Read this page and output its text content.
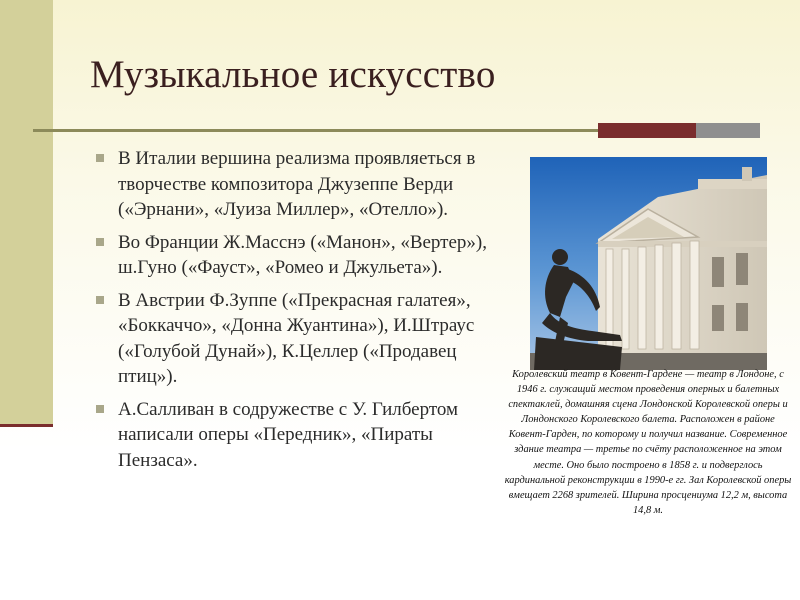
Музыкальное искусство
В Италии вершина реализма проявляеться в творчестве композитора Джузеппе Верди («Эрнани», «Луиза Миллер», «Отелло»).
Во Франции Ж.Масснэ («Манон», «Вертер»), ш.Гуно («Фауст», «Ромео и Джульета»).
В Австрии Ф.Зуппе («Прекрасная галатея», «Боккаччо», «Донна Жуантина»), И.Штраус («Голубой Дунай»), К.Целлер («Продавец птиц»).
А.Салливан в содружестве с У. Гилбертом написали оперы «Передник», «Пираты Пензаса».
Королевский театр в Ковент-Гардене — театр в Лондоне, с 1946 г. служащий местом проведения оперных и балетных спектаклей, домашняя сцена Лондонской Королевской оперы и Лондонского Королевского балета. Расположен в районе Ковент-Гарден, по которому и получил название. Современное здание театра — третье по счёту расположенное на этом месте. Оно было построено в 1858 г. и подверглось кардинальной реконструкции в 1990-е гг. Зал Королевской оперы вмещает 2268 зрителей. Ширина просцениума 12,2 м, высота 14,8 м.
